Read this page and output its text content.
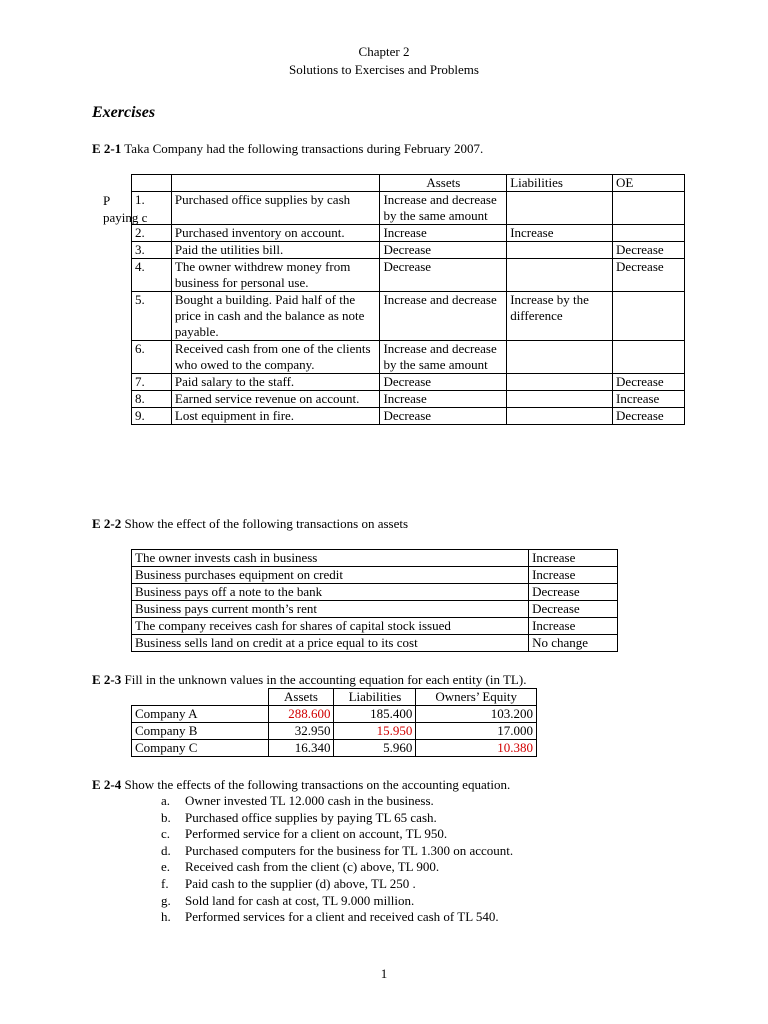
Chapter 2
Solutions to Exercises and Problems
Exercises
E 2-1 Taka Company had the following transactions during February 2007.
P
paying c
		Assets	Liabilities	OE
1.	Purchased office supplies by cash	Increase and decrease by the same amount		
2.	Purchased inventory on account.	Increase	Increase	
3.	Paid the utilities bill.	Decrease		Decrease
4.	The owner withdrew money from business for personal use.	Decrease		Decrease
5.	Bought a building. Paid half of the price in cash and the balance as note payable.	Increase and decrease	Increase by the difference	
6.	Received cash from one of the clients who owed to the company.	Increase and decrease by the same amount		
7.	Paid salary to the staff.	Decrease		Decrease
8.	Earned service revenue on account.	Increase		Increase
9.	Lost equipment in fire.	Decrease		Decrease
E 2-2 Show the effect of the following transactions on assets
The owner invests cash in business	Increase
Business purchases equipment on credit	Increase
Business pays off a note to the bank	Decrease
Business pays current month’s rent	Decrease
The company receives cash for shares of capital stock issued	Increase
Business sells land on credit at a price equal to its cost	No change
E 2-3 Fill in the unknown values in the accounting equation for each entity (in TL).
	Assets	Liabilities	Owners’ Equity
Company A	288.600	185.400	103.200
Company B	32.950	15.950	17.000
Company C	16.340	5.960	10.380
E 2-4 Show the effects of the following transactions on the accounting equation.
a. Owner invested TL 12.000 cash in the business.
b. Purchased office supplies by paying TL 65 cash.
c. Performed service for a client on account, TL 950.
d. Purchased computers for the business for TL 1.300 on account.
e. Received cash from the client (c) above, TL 900.
f. Paid cash to the supplier (d) above, TL 250 .
g. Sold land for cash at cost, TL 9.000 million.
h. Performed services for a client and received cash of TL 540.
1
